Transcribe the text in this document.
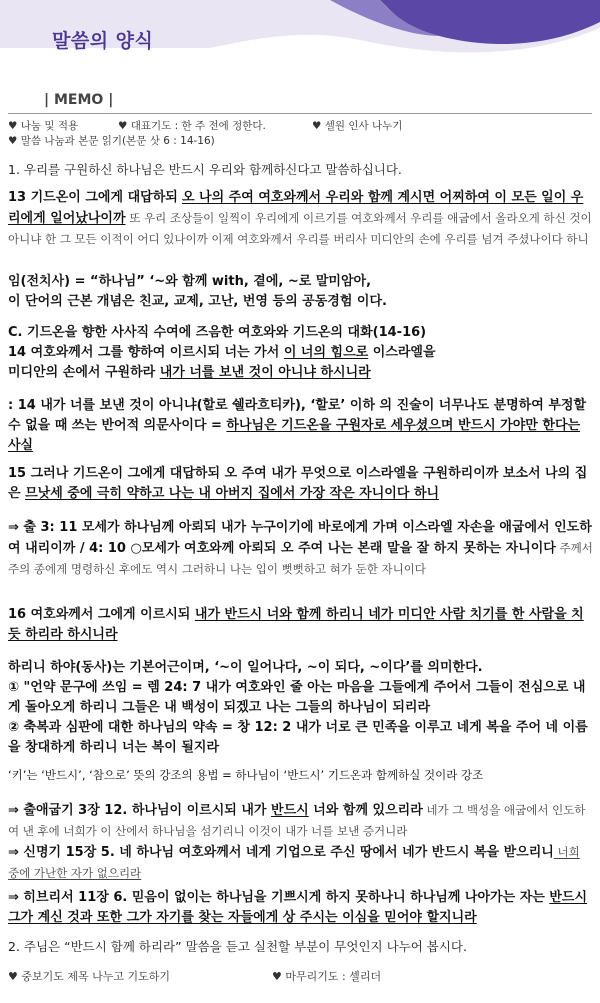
말씀의 양식
| MEMO |
♥ 나눔 및 적용	♥ 대표기도 : 한 주 전에 정한다.	♥ 셀원 인사 나누기
♥ 말씀 나눔과 본문 읽기(본문 삿 6 : 14-16)

1. 우리를 구원하신 하나님은 반드시 우리와 함께하신다고 말씀하십니다.

13 기드온이 그에게 대답하되 오 나의 주여 여호와께서 우리와 함께 계시면 어찌하여 이 모든 일이 우리에게 일어났나이까 또 우리 조상들이 일찍이 우리에게 이르기를 여호와께서 우리를 애굽에서 올라오게 하신 것이 아니냐 한 그 모든 이적이 어디 있나이까 이제 여호와께서 우리를 버리사 미디안의 손에 우리를 넘겨 주셨나이다 하니

임(전치사) = “하나님” ‘~와 함께 with, 곁에, ~로 말미암아,
이 단어의 근본 개념은 친교, 교제, 고난, 번영 등의 공동경험 이다.

C. 기드온을 향한 사사직 수여에 즈음한 여호와와 기드온의 대화(14-16)
14 여호와께서 그를 향하여 이르시되 너는 가서 이 너의 힘으로 이스라엘을
미디안의 손에서 구원하라 내가 너를 보낸 것이 아니냐 하시니라

: 14 내가 너를 보낸 것이 아니냐(할로 쉘라흐티카), ‘할로’ 이하 의 진술이 너무나도 분명하여 부정할 수 없을 때 쓰는 반어적 의문사이다 = 하나님은 기드온을 구원자로 세우셨으며 반드시 가야만 한다는 사실

15 그러나 기드온이 그에게 대답하되 오 주여 내가 무엇으로 이스라엘을 구원하리이까 보소서 나의 집은 므낫세 중에 극히 약하고 나는 내 아버지 집에서 가장 작은 자니이다 하니

⇒ 출 3: 11 모세가 하나님께 아뢰되 내가 누구이기에 바로에게 가며 이스라엘 자손을 애굽에서 인도하여 내리이까 / 4: 10 ○모세가 여호와께 아뢰되 오 주여 나는 본래 말을 잘 하지 못하는 자니이다 주께서 주의 종에게 명령하신 후에도 역시 그러하니 나는 입이 뻣뻣하고 혀가 둔한 자니이다

16 여호와께서 그에게 이르시되 내가 반드시 너와 함께 하리니 네가 미디안 사람 치기를 한 사람을 치듯 하리라 하시니라

하리니 하야(동사)는 기본어근이며, ‘~이 일어나다, ~이 되다, ~이다’를 의미한다.
① "언약 문구에 쓰임 = 렘 24: 7 내가 여호와인 줄 아는 마음을 그들에게 주어서 그들이 전심으로 내게 돌아오게 하리니 그들은 내 백성이 되겠고 나는 그들의 하나님이 되리라
② 축복과 심판에 대한 하나님의 약속 = 창 12: 2 내가 너로 큰 민족을 이루고 네게 복을 주어 네 이름을 창대하게 하리니 너는 복이 될지라

‘키’는 ‘반드시’, ‘참으로’ 뜻의 강조의 용법 = 하나님이 ‘반드시’ 기드온과 함께하실 것이라 강조

⇒ 출애굽기 3장 12. 하나님이 이르시되 내가 반드시 너와 함께 있으리라 네가 그 백성을 애굽에서 인도하여 낸 후에 너희가 이 산에서 하나님을 섬기리니 이것이 내가 너를 보낸 증거니라
⇒ 신명기 15장 5. 네 하나님 여호와께서 네게 기업으로 주신 땅에서 네가 반드시 복을 받으리니 너희 중에 가난한 자가 없으리라

⇒ 히브리서 11장 6. 믿음이 없이는 하나님을 기쁘시게 하지 못하나니 하나님께 나아가는 자는 반드시 그가 계신 것과 또한 그가 자기를 찾는 자들에게 상 주시는 이심을 믿어야 할지니라

2. 주님은 “반드시 함께 하리라” 말씀을 듣고 실천할 부분이 무엇인지 나누어 봅시다.

♥ 중보기도 제목 나누고 기도하기	♥ 마무리기도 : 셀리더
